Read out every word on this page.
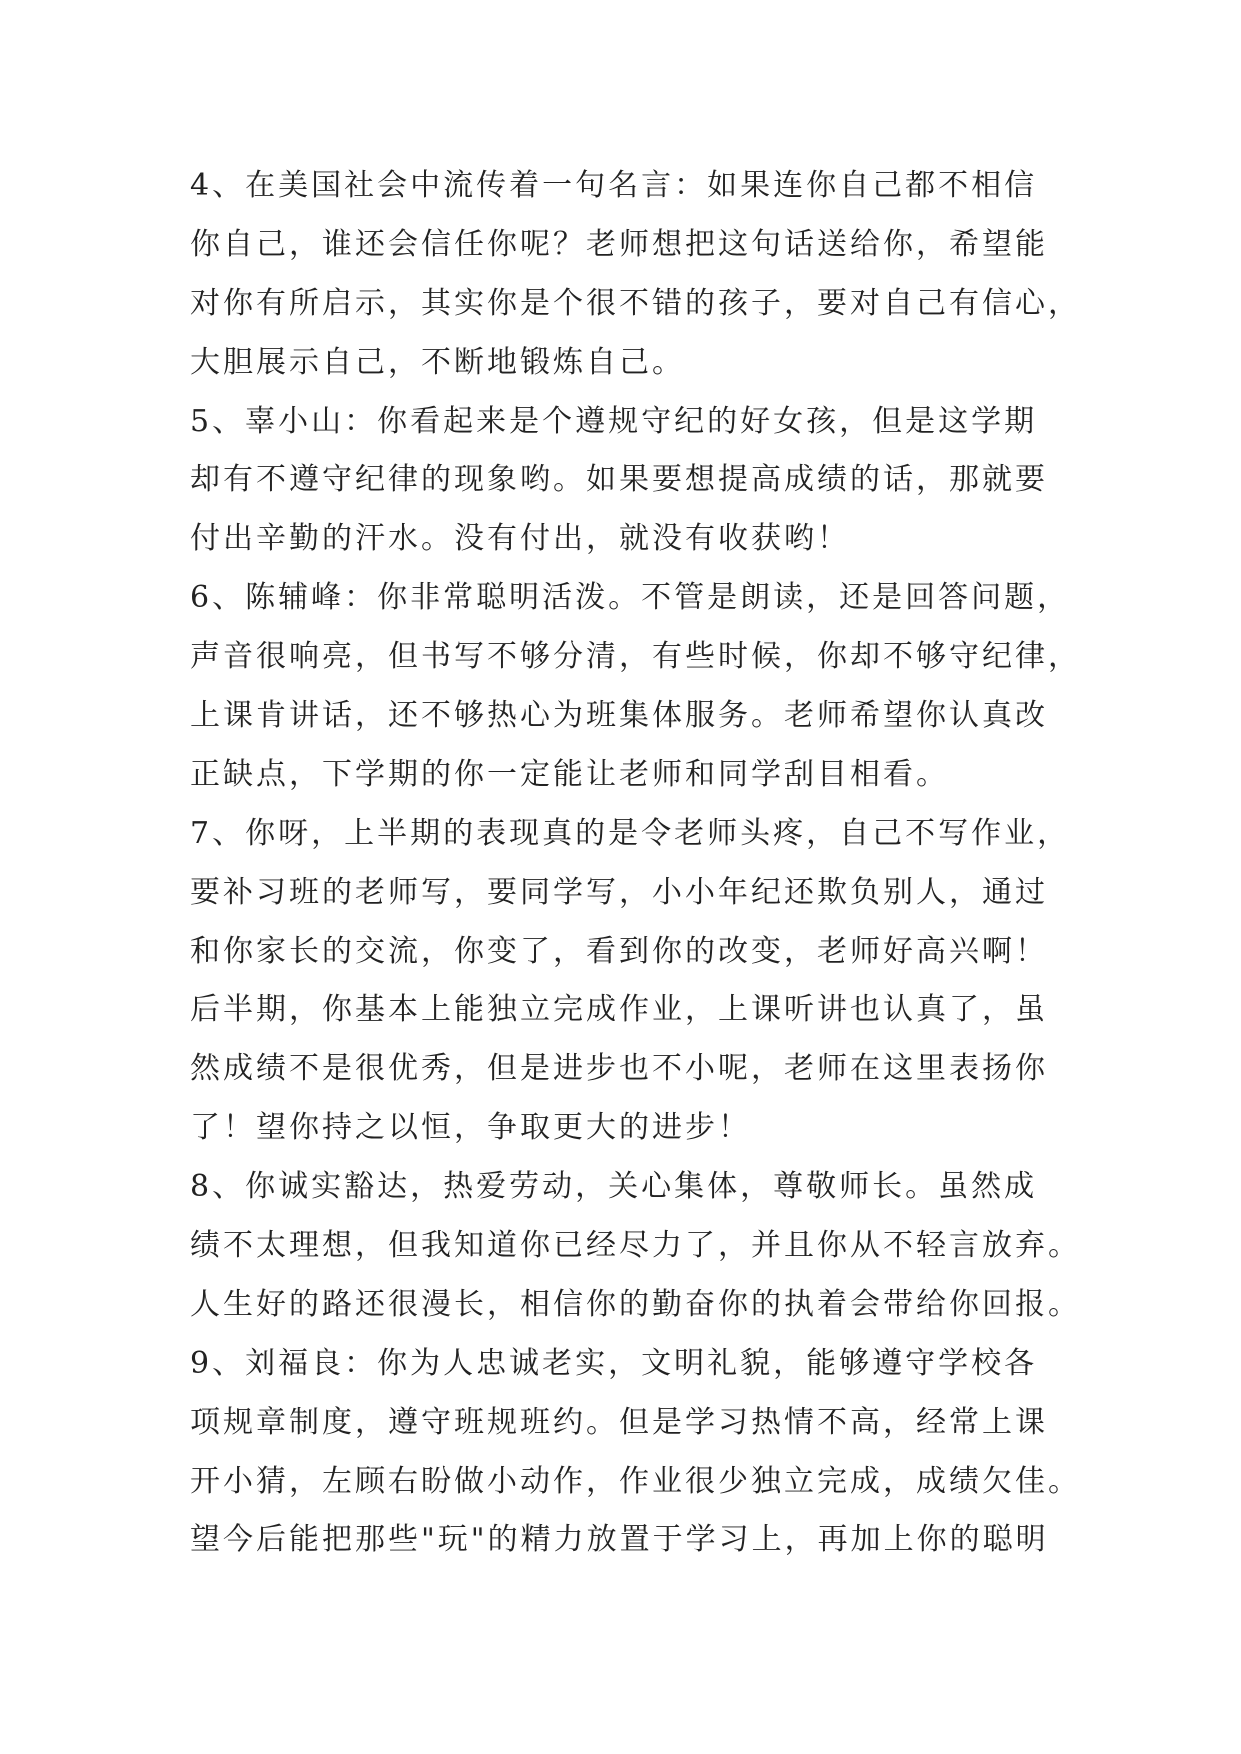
4、在美国社会中流传着一句名言：如果连你自己都不相信
你自己，谁还会信任你呢？老师想把这句话送给你，希望能
对你有所启示，其实你是个很不错的孩子，要对自己有信心，
大胆展示自己，不断地锻炼自己。
5、辜小山：你看起来是个遵规守纪的好女孩，但是这学期
却有不遵守纪律的现象哟。如果要想提高成绩的话，那就要
付出辛勤的汗水。没有付出，就没有收获哟！
6、陈辅峰：你非常聪明活泼。不管是朗读，还是回答问题，
声音很响亮，但书写不够分清，有些时候，你却不够守纪律，
上课肯讲话，还不够热心为班集体服务。老师希望你认真改
正缺点，下学期的你一定能让老师和同学刮目相看。
7、你呀，上半期的表现真的是令老师头疼，自己不写作业，
要补习班的老师写，要同学写，小小年纪还欺负别人，通过
和你家长的交流，你变了，看到你的改变，老师好高兴啊！
后半期，你基本上能独立完成作业，上课听讲也认真了，虽
然成绩不是很优秀，但是进步也不小呢，老师在这里表扬你
了！望你持之以恒，争取更大的进步！
8、你诚实豁达，热爱劳动，关心集体，尊敬师长。虽然成
绩不太理想，但我知道你已经尽力了，并且你从不轻言放弃。
人生好的路还很漫长，相信你的勤奋你的执着会带给你回报。
9、刘福良：你为人忠诚老实，文明礼貌，能够遵守学校各
项规章制度，遵守班规班约。但是学习热情不高，经常上课
开小猜，左顾右盼做小动作，作业很少独立完成，成绩欠佳。
望今后能把那些"玩"的精力放置于学习上，再加上你的聪明
